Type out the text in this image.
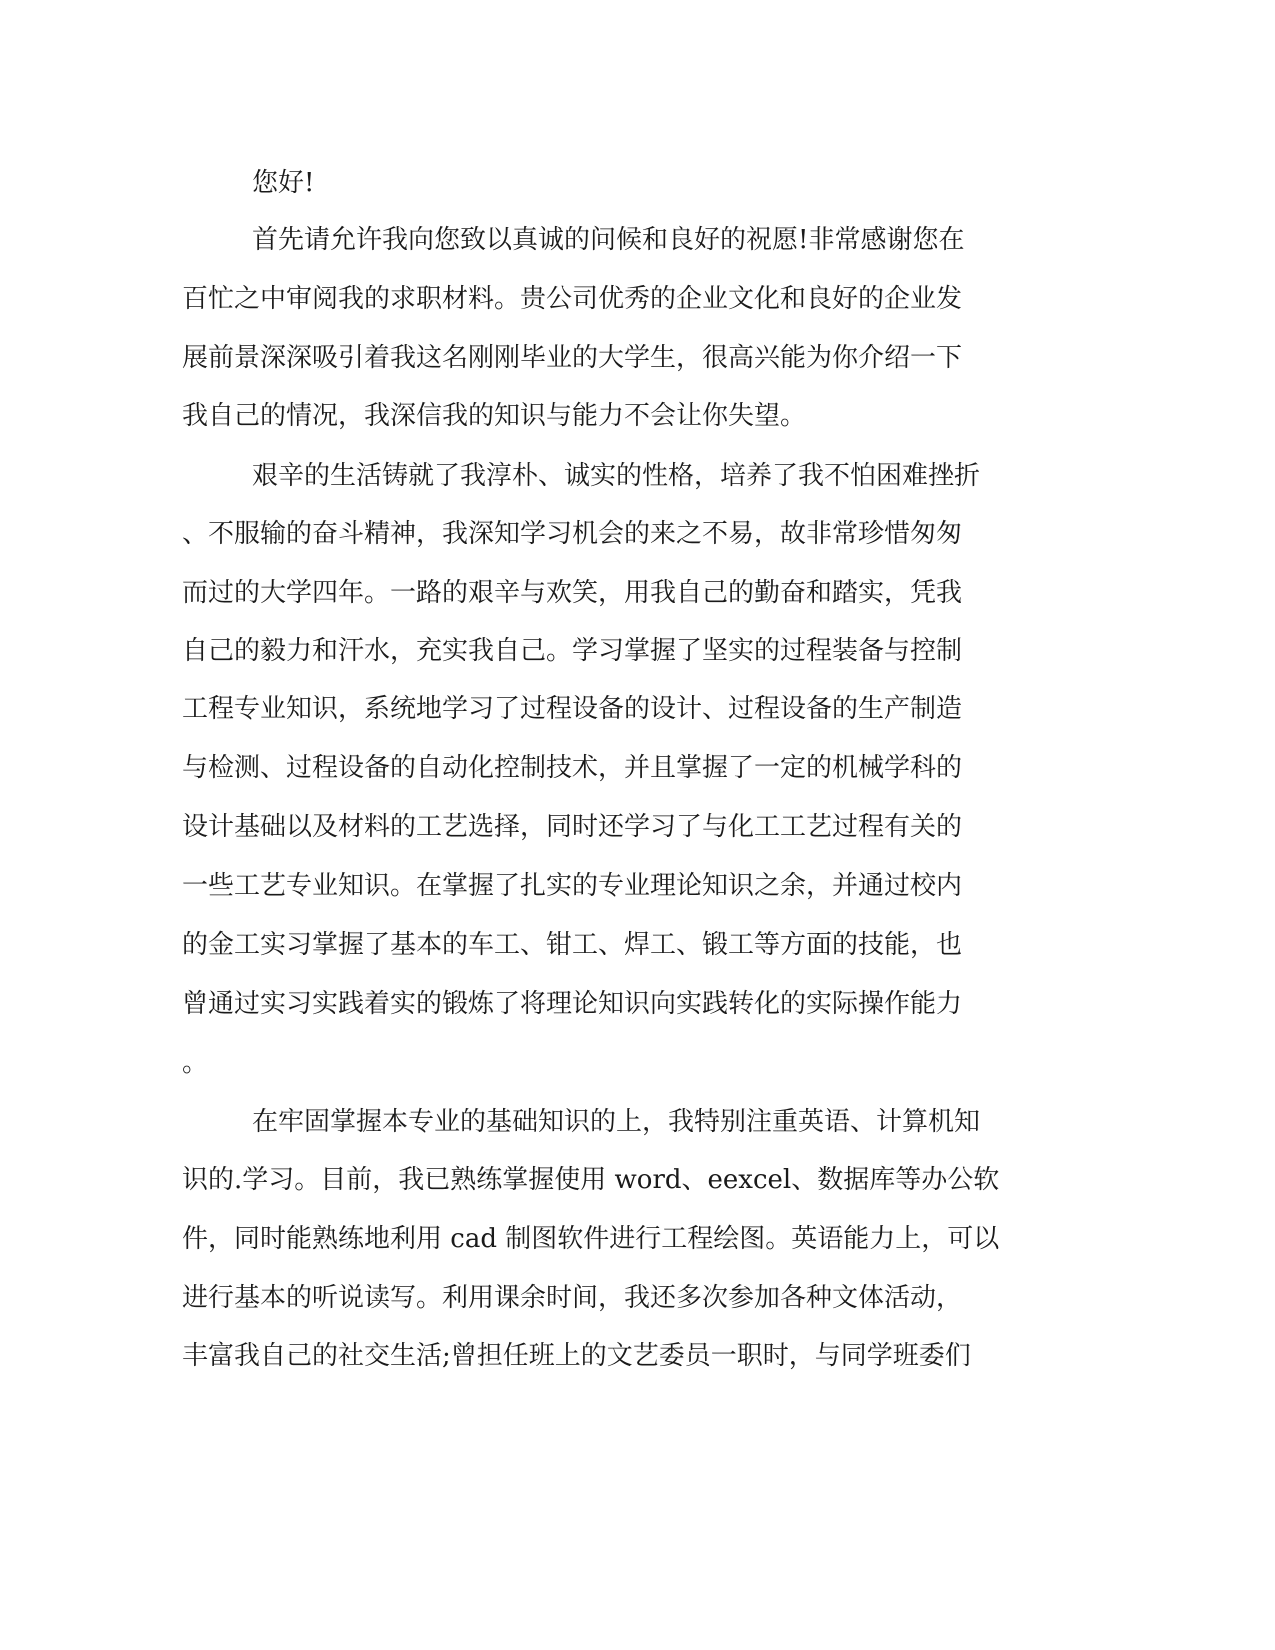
您好!
首先请允许我向您致以真诚的问候和良好的祝愿!非常感谢您在
百忙之中审阅我的求职材料。贵公司优秀的企业文化和良好的企业发
展前景深深吸引着我这名刚刚毕业的大学生，很高兴能为你介绍一下
我自己的情况，我深信我的知识与能力不会让你失望。
艰辛的生活铸就了我淳朴、诚实的性格，培养了我不怕困难挫折
、不服输的奋斗精神，我深知学习机会的来之不易，故非常珍惜匆匆
而过的大学四年。一路的艰辛与欢笑，用我自己的勤奋和踏实，凭我
自己的毅力和汗水，充实我自己。学习掌握了坚实的过程装备与控制
工程专业知识，系统地学习了过程设备的设计、过程设备的生产制造
与检测、过程设备的自动化控制技术，并且掌握了一定的机械学科的
设计基础以及材料的工艺选择，同时还学习了与化工工艺过程有关的
一些工艺专业知识。在掌握了扎实的专业理论知识之余，并通过校内
的金工实习掌握了基本的车工、钳工、焊工、锻工等方面的技能，也
曾通过实习实践着实的锻炼了将理论知识向实践转化的实际操作能力
。
在牢固掌握本专业的基础知识的上，我特别注重英语、计算机知
识的.学习。目前，我已熟练掌握使用 word、eexcel、数据库等办公软
件，同时能熟练地利用 cad 制图软件进行工程绘图。英语能力上，可以
进行基本的听说读写。利用课余时间，我还多次参加各种文体活动，
丰富我自己的社交生活;曾担任班上的文艺委员一职时，与同学班委们
